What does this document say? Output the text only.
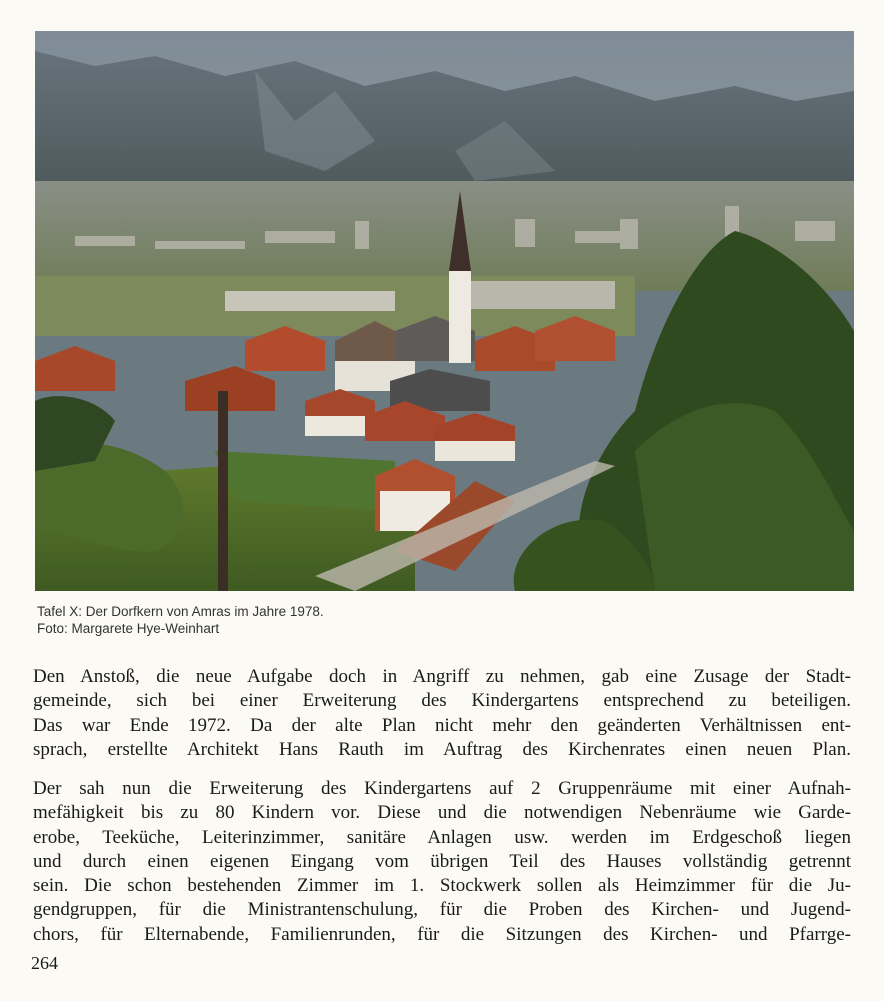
Tafel X: Der Dorfkern von Amras im Jahre 1978.
Foto: Margarete Hye-Weinhart
Den Anstoß, die neue Aufgabe doch in Angriff zu nehmen, gab eine Zusage der Stadt-
gemeinde, sich bei einer Erweiterung des Kindergartens entsprechend zu beteiligen.
Das war Ende 1972. Da der alte Plan nicht mehr den geänderten Verhältnissen ent-
sprach, erstellte Architekt Hans Rauth im Auftrag des Kirchenrates einen neuen Plan.
Der sah nun die Erweiterung des Kindergartens auf 2 Gruppenräume mit einer Aufnah-
mefähigkeit bis zu 80 Kindern vor. Diese und die notwendigen Nebenräume wie Garde-
erobe, Teeküche, Leiterinzimmer, sanitäre Anlagen usw. werden im Erdgeschoß liegen
und durch einen eigenen Eingang vom übrigen Teil des Hauses vollständig getrennt
sein. Die schon bestehenden Zimmer im 1. Stockwerk sollen als Heimzimmer für die Ju-
gendgruppen, für die Ministrantenschulung, für die Proben des Kirchen- und Jugend-
chors, für Elternabende, Familienrunden, für die Sitzungen des Kirchen- und Pfarrge-
264
